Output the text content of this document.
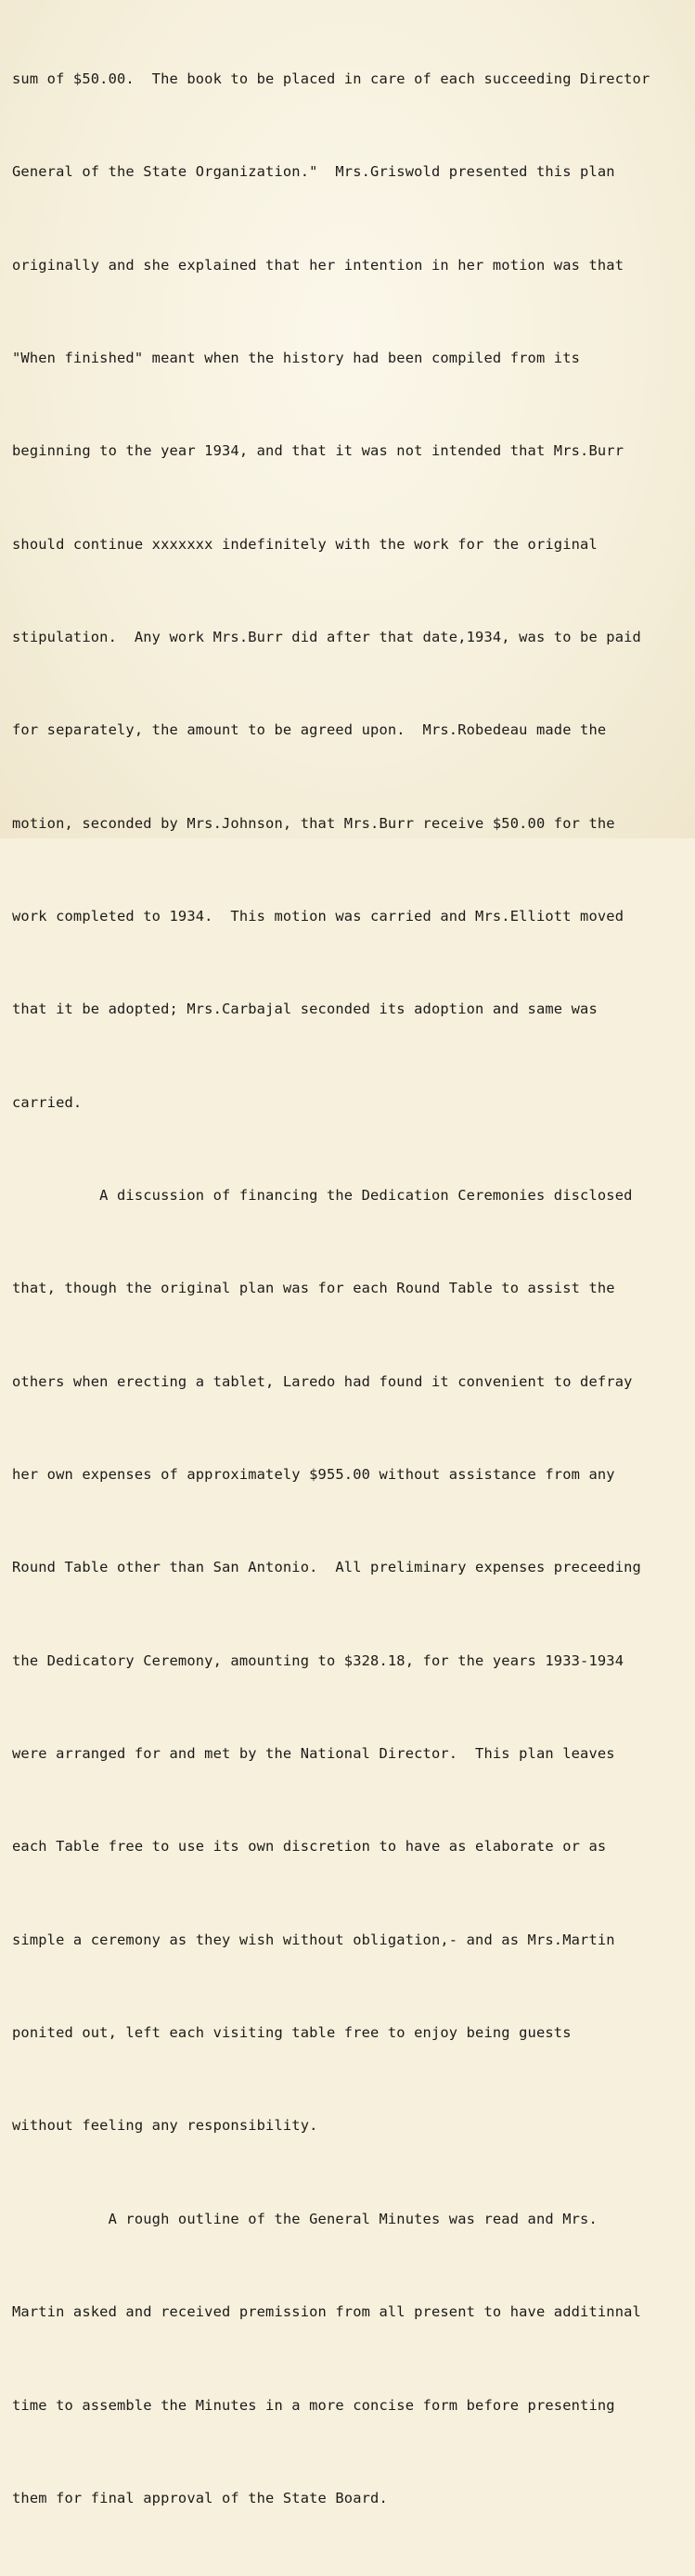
sum of $50.00.  The book to be placed in care of each succeeding Director

General of the State Organization."  Mrs.Griswold presented this plan

originally and she explained that her intention in her motion was that

"When finished" meant when the history had been compiled from its

beginning to the year 1934, and that it was not intended that Mrs.Burr

should continue xxxxxxx indefinitely with the work for the original

stipulation.  Any work Mrs.Burr did after that date,1934, was to be paid

for separately, the amount to be agreed upon.  Mrs.Robedeau made the

motion, seconded by Mrs.Johnson, that Mrs.Burr receive $50.00 for the

work completed to 1934.  This motion was carried and Mrs.Elliott moved

that it be adopted; Mrs.Carbajal seconded its adoption and same was

carried.

A discussion of financing the Dedication Ceremonies disclosed

that, though the original plan was for each Round Table to assist the

others when erecting a tablet, Laredo had found it convenient to defray

her own expenses of approximately $955.00 without assistance from any

Round Table other than San Antonio.  All preliminary expenses preceeding

the Dedicatory Ceremony, amounting to $328.18, for the years 1933-1934

were arranged for and met by the National Director.  This plan leaves

each Table free to use its own discretion to have as elaborate or as

simple a ceremony as they wish without obligation,- and as Mrs.Martin

ponited out, left each visiting table free to enjoy being guests

without feeling any responsibility.

A rough outline of the General Minutes was read and Mrs.

Martin asked and received premission from all present to have additinnal

time to assemble the Minutes in a more concise form before presenting

them for final approval of the State Board.
